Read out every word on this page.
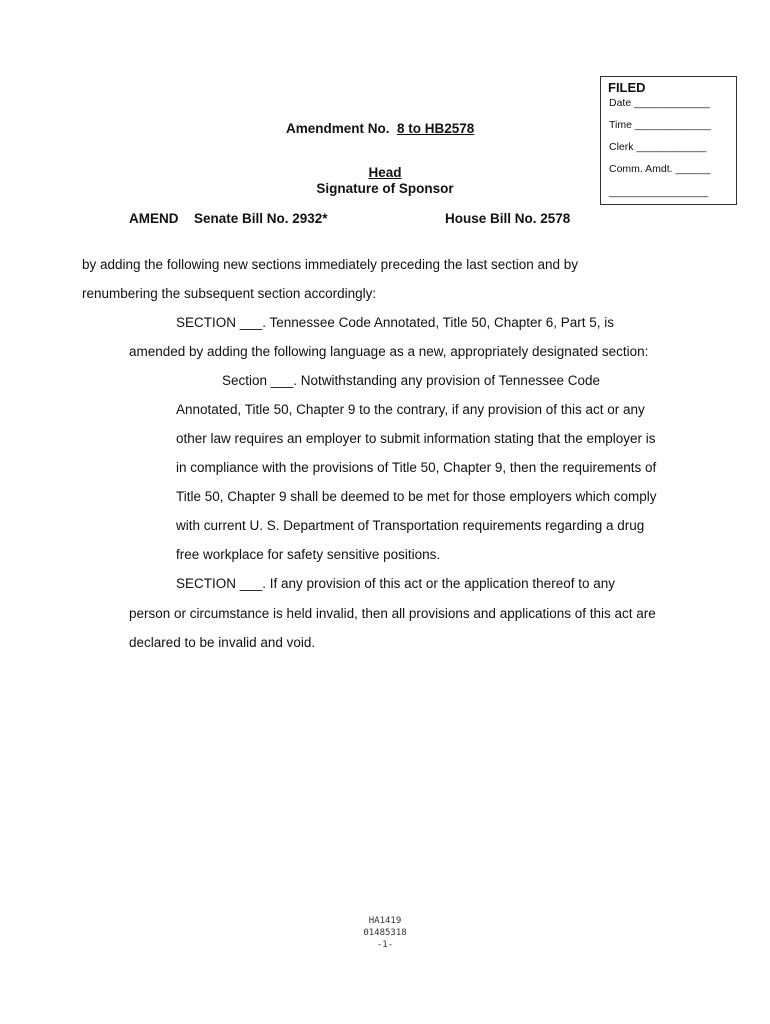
FILED
Date _____________
Time _____________
Clerk ____________
Comm. Amdt. ______
_________________
Amendment No. 8 to HB2578
Head
Signature of Sponsor
AMEND Senate Bill No. 2932*	House Bill No. 2578
by adding the following new sections immediately preceding the last section and by
renumbering the subsequent section accordingly:
SECTION ___. Tennessee Code Annotated, Title 50, Chapter 6, Part 5, is
amended by adding the following language as a new, appropriately designated section:
Section ___. Notwithstanding any provision of Tennessee Code
Annotated, Title 50, Chapter 9 to the contrary, if any provision of this act or any
other law requires an employer to submit information stating that the employer is
in compliance with the provisions of Title 50, Chapter 9, then the requirements of
Title 50, Chapter 9 shall be deemed to be met for those employers which comply
with current U. S. Department of Transportation requirements regarding a drug
free workplace for safety sensitive positions.
SECTION ___. If any provision of this act or the application thereof to any
person or circumstance is held invalid, then all provisions and applications of this act are
declared to be invalid and void.
HA1419
01485318
-1-
